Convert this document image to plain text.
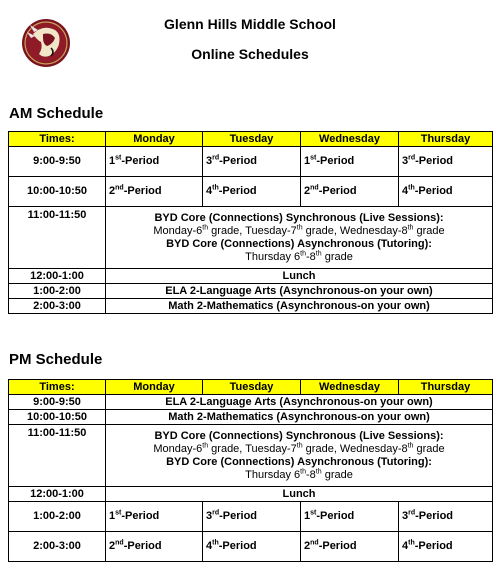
Glenn Hills Middle School
Online Schedules
AM Schedule
Times:	Monday	Tuesday	Wednesday	Thursday
9:00-9:50	1st-Period	3rd-Period	1st-Period	3rd-Period
10:00-10:50	2nd-Period	4th-Period	2nd-Period	4th-Period
11:00-11:50	BYD Core (Connections) Synchronous (Live Sessions):
Monday-6th grade, Tuesday-7th grade, Wednesday-8th grade
BYD Core (Connections) Asynchronous (Tutoring):
Thursday 6th-8th grade			

12:00-1:00	Lunch			
1:00-2:00	ELA 2-Language Arts (Asynchronous-on your own)			
2:00-3:00	Math 2-Mathematics (Asynchronous-on your own)			
PM Schedule
Times:	Monday	Tuesday	Wednesday	Thursday
9:00-9:50	ELA 2-Language Arts (Asynchronous-on your own)			
10:00-10:50	Math 2-Mathematics (Asynchronous-on your own)			
11:00-11:50	BYD Core (Connections) Synchronous (Live Sessions):
Monday-6th grade, Tuesday-7th grade, Wednesday-8th grade
BYD Core (Connections) Asynchronous (Tutoring):
Thursday 6th-8th grade			

12:00-1:00	Lunch			
1:00-2:00	1st-Period	3rd-Period	1st-Period	3rd-Period
2:00-3:00	2nd-Period	4th-Period	2nd-Period	4th-Period
